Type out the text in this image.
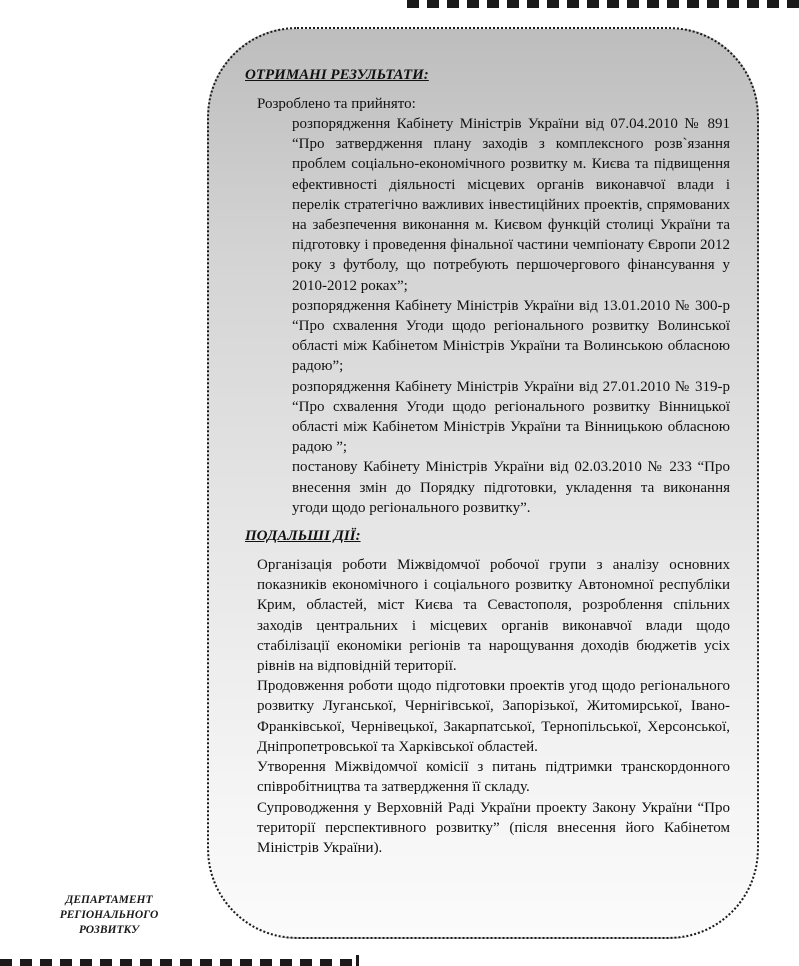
ОТРИМАНІ РЕЗУЛЬТАТИ:

Розроблено та прийнято:

розпорядження Кабінету Міністрів України від 07.04.2010 № 891 “Про затвердження плану заходів з комплексного розв`язання проблем соціально-економічного розвитку м. Києва та підвищення ефективності діяльності місцевих органів виконавчої влади і перелік стратегічно важливих інвестиційних проектів, спрямованих на забезпечення виконання м. Києвом функцій столиці України та підготовку і проведення фінальної частини чемпіонату Європи 2012 року з футболу, що потребують першочергового фінансування у 2010-2012 роках”;

розпорядження Кабінету Міністрів України від 13.01.2010 № 300-р “Про схвалення Угоди щодо регіонального розвитку Волинської області між Кабінетом Міністрів України та Волинською обласною радою”;

розпорядження Кабінету Міністрів України від 27.01.2010 № 319-р “Про схвалення Угоди щодо регіонального розвитку Вінницької області між Кабінетом Міністрів України та Вінницькою обласною радою ”;

постанову Кабінету Міністрів України від 02.03.2010 № 233 “Про внесення змін до Порядку підготовки, укладення та виконання угоди щодо регіонального розвитку”.

ПОДАЛЬШІ ДІЇ:

Організація роботи Міжвідомчої робочої групи з аналізу основних показників економічного і соціального розвитку Автономної республіки Крим, областей, міст Києва та Севастополя, розроблення спільних заходів центральних і місцевих органів виконавчої влади щодо стабілізації економіки регіонів та нарощування доходів бюджетів усіх рівнів на відповідній території.

Продовження роботи щодо підготовки проектів угод щодо регіонального розвитку Луганської, Чернігівської, Запорізької, Житомирської, Івано-Франківської, Чернівецької, Закарпатської, Тернопільської, Херсонської, Дніпропетровської та Харківської областей.

Утворення Міжвідомчої комісії з питань підтримки транскордонного співробітництва та затвердження її складу.

Супроводження у Верховній Раді України проекту Закону України “Про території перспективного розвитку” (після внесення його Кабінетом Міністрів України).

ДЕПАРТАМЕНТ
РЕГІОНАЛЬНОГО
РОЗВИТКУ
